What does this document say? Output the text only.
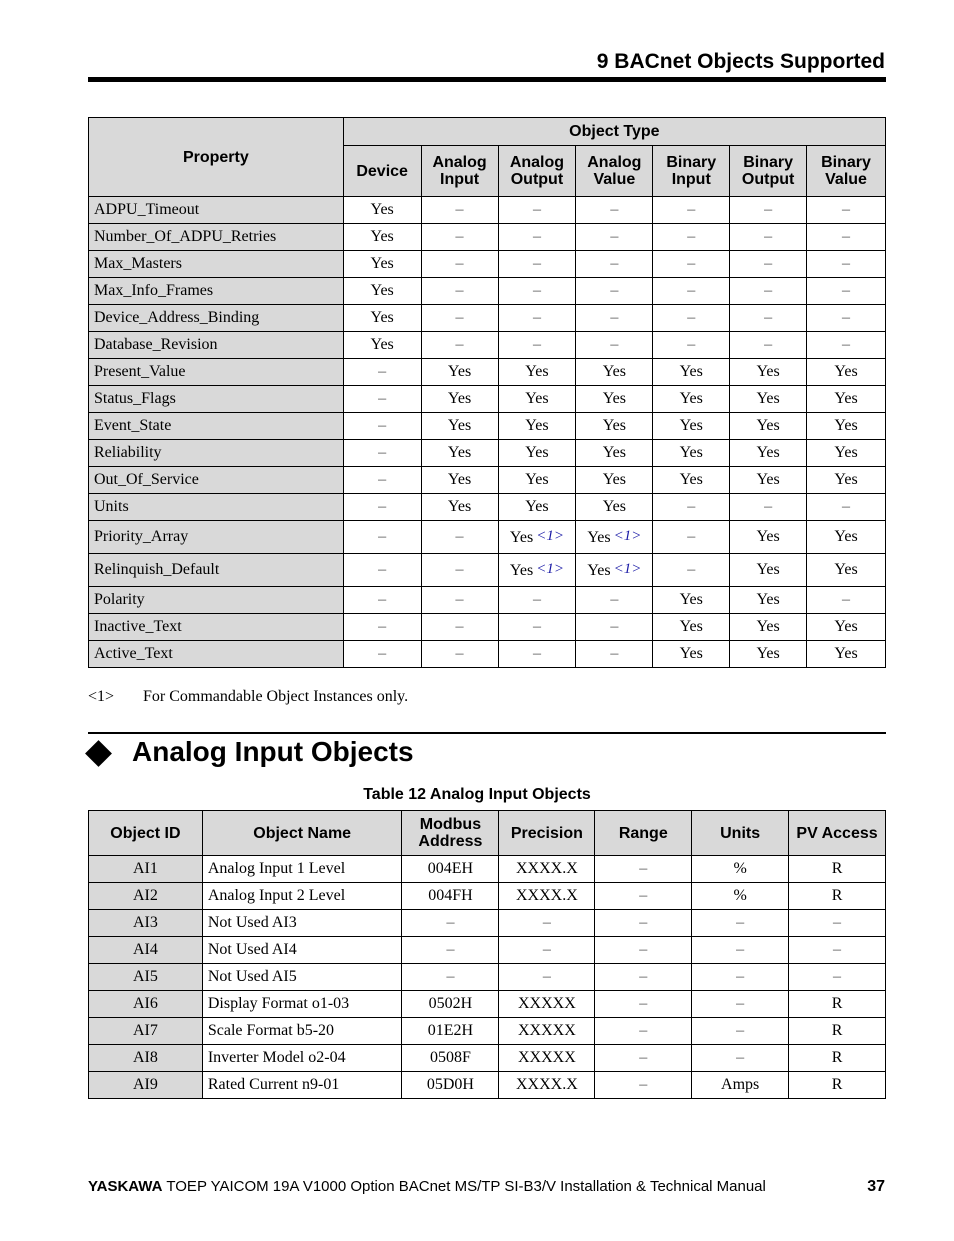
9 BACnet Objects Supported
Property	Object Type						
	Device	Analog Input	Analog Output	Analog Value	Binary Input	Binary Output	Binary Value
ADPU_Timeout	Yes	–	–	–	–	–	–
Number_Of_ADPU_Retries	Yes	–	–	–	–	–	–
Max_Masters	Yes	–	–	–	–	–	–
Max_Info_Frames	Yes	–	–	–	–	–	–
Device_Address_Binding	Yes	–	–	–	–	–	–
Database_Revision	Yes	–	–	–	–	–	–
Present_Value	–	Yes	Yes	Yes	Yes	Yes	Yes
Status_Flags	–	Yes	Yes	Yes	Yes	Yes	Yes
Event_State	–	Yes	Yes	Yes	Yes	Yes	Yes
Reliability	–	Yes	Yes	Yes	Yes	Yes	Yes
Out_Of_Service	–	Yes	Yes	Yes	Yes	Yes	Yes
Units	–	Yes	Yes	Yes	–	–	–
Priority_Array	–	–	Yes <1>	Yes <1>	–	Yes	Yes
Relinquish_Default	–	–	Yes <1>	Yes <1>	–	Yes	Yes
Polarity	–	–	–	–	Yes	Yes	–
Inactive_Text	–	–	–	–	Yes	Yes	Yes
Active_Text	–	–	–	–	Yes	Yes	Yes
<1> For Commandable Object Instances only.
Analog Input Objects
Table 12 Analog Input Objects
Object ID	Object Name	Modbus Address	Precision	Range	Units	PV Access
AI1	Analog Input 1 Level	004EH	XXXX.X	–	%	R
AI2	Analog Input 2 Level	004FH	XXXX.X	–	%	R
AI3	Not Used AI3	–	–	–	–	–
AI4	Not Used AI4	–	–	–	–	–
AI5	Not Used AI5	–	–	–	–	–
AI6	Display Format o1-03	0502H	XXXXX	–	–	R
AI7	Scale Format b5-20	01E2H	XXXXX	–	–	R
AI8	Inverter Model o2-04	0508F	XXXXX	–	–	R
AI9	Rated Current n9-01	05D0H	XXXX.X	–	Amps	R
YASKAWA TOEP YAICOM 19A V1000 Option BACnet MS/TP SI-B3/V Installation & Technical Manual	37
